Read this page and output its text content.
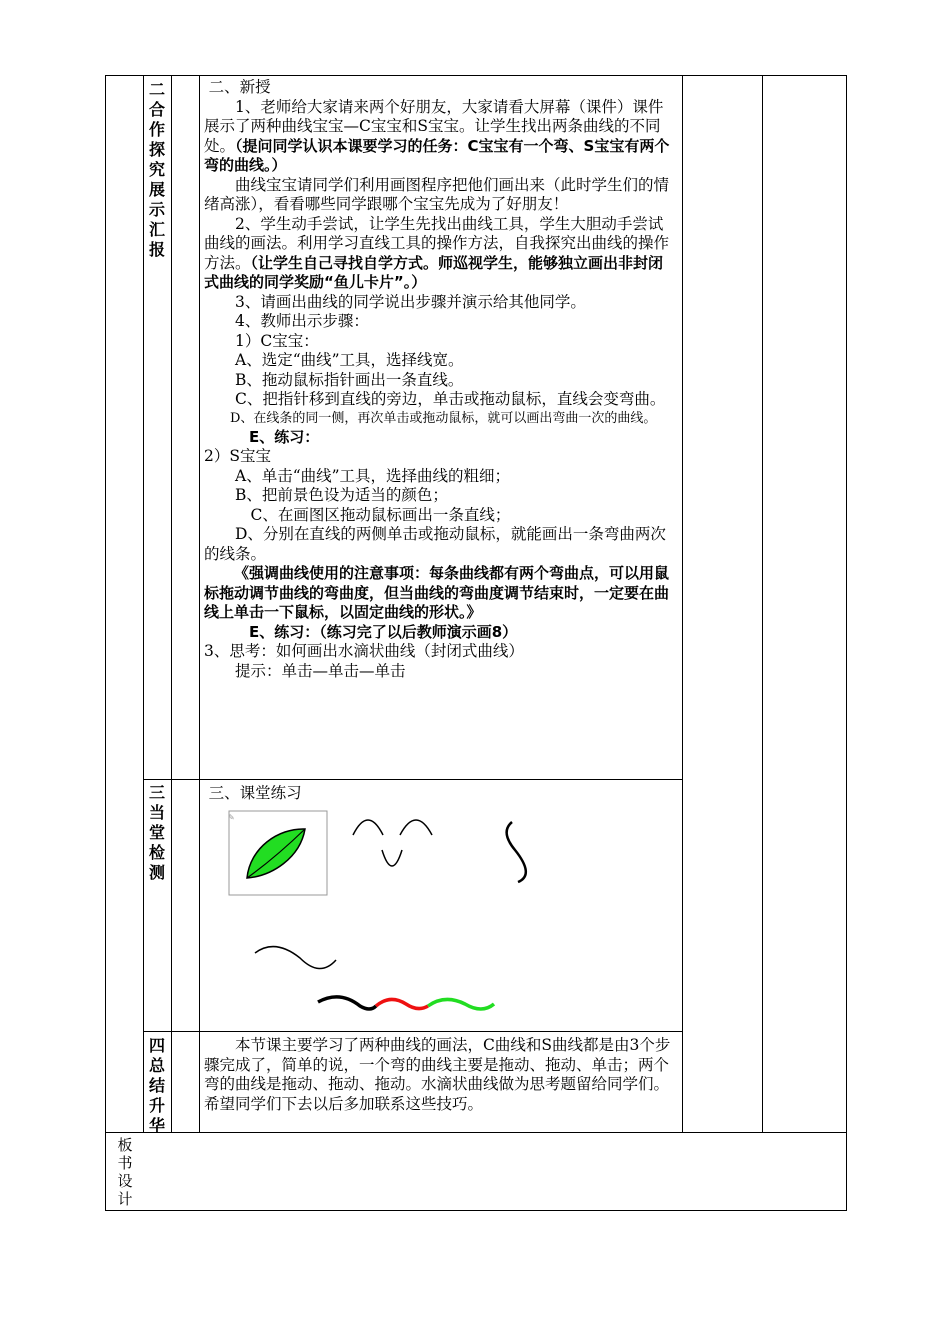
二
合
作
探
究
展
示
汇
报

二、新授

1、老师给大家请来两个好朋友，大家请看大屏幕（课件）课件展示了两种曲线宝宝—C宝宝和S宝宝。让学生找出两条曲线的不同处。（提问同学认识本课要学习的任务：C宝宝有一个弯、S宝宝有两个弯的曲线。）

曲线宝宝请同学们利用画图程序把他们画出来（此时学生们的情绪高涨），看看哪些同学跟哪个宝宝先成为了好朋友！

2、学生动手尝试，让学生先找出曲线工具，学生大胆动手尝试曲线的画法。利用学习直线工具的操作方法，自我探究出曲线的操作方法。（让学生自己寻找自学方式。师巡视学生，能够独立画出非封闭式曲线的同学奖励“鱼儿卡片”。）

3、请画出曲线的同学说出步骤并演示给其他同学。

4、教师出示步骤：

1）C宝宝：

A、选定“曲线”工具，选择线宽。

B、拖动鼠标指针画出一条直线。

C、把指针移到直线的旁边，单击或拖动鼠标，直线会变弯曲。

D、在线条的同一侧，再次单击或拖动鼠标，就可以画出弯曲一次的曲线。

E、练习：

2）S宝宝

A、单击“曲线”工具，选择曲线的粗细；

B、把前景色设为适当的颜色；

C、在画图区拖动鼠标画出一条直线；

D、分别在直线的两侧单击或拖动鼠标，就能画出一条弯曲两次的线条。

《强调曲线使用的注意事项：每条曲线都有两个弯曲点，可以用鼠标拖动调节曲线的弯曲度，但当曲线的弯曲度调节结束时，一定要在曲线上单击一下鼠标，以固定曲线的形状。》

E、练习：（练习完了以后教师演示画8）

3、思考：如何画出水滴状曲线（封闭式曲线）

提示：单击—单击—单击

三
当
堂
检
测
三、课堂练习
✎
四
总
结
升
华

本节课主要学习了两种曲线的画法，C曲线和S曲线都是由3个步骤完成了，简单的说，一个弯的曲线主要是拖动、拖动、单击；两个弯的曲线是拖动、拖动、拖动。水滴状曲线做为思考题留给同学们。希望同学们下去以后多加联系这些技巧。

板
书
设
计
